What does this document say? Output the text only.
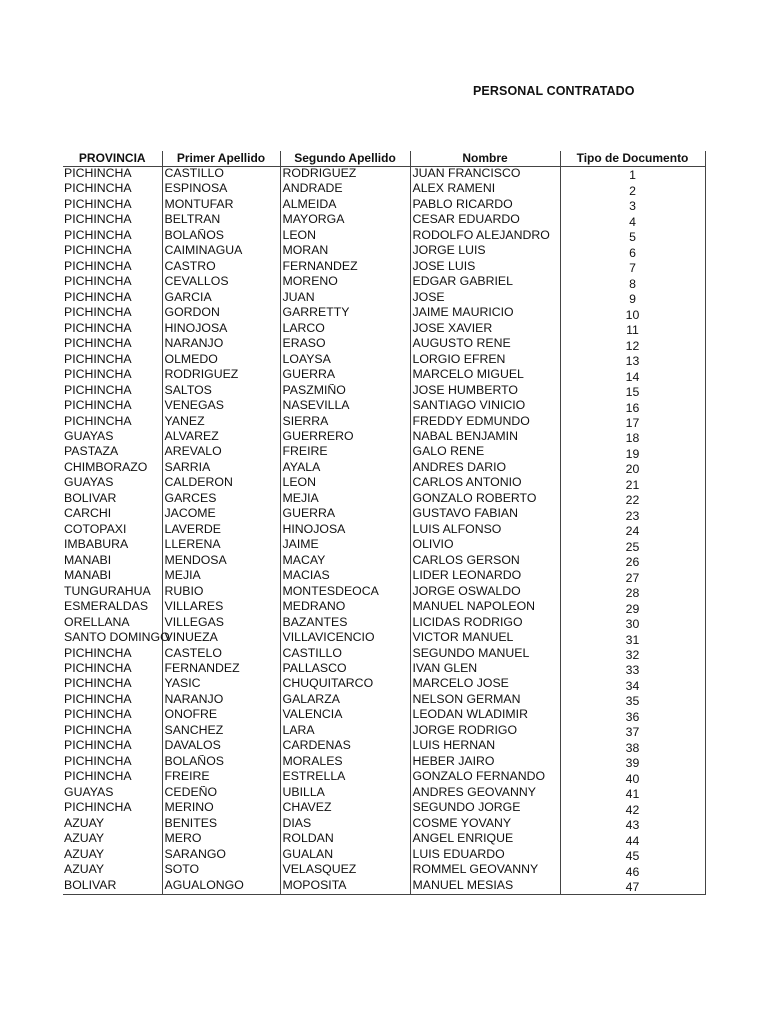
PERSONAL CONTRATADO
PROVINCIA	Primer Apellido	Segundo Apellido	Nombre	Tipo de Documento
PICHINCHA	CASTILLO	RODRIGUEZ	JUAN FRANCISCO	1
PICHINCHA	ESPINOSA	ANDRADE	ALEX RAMENI	2
PICHINCHA	MONTUFAR	ALMEIDA	PABLO RICARDO	3
PICHINCHA	BELTRAN	MAYORGA	CESAR EDUARDO	4
PICHINCHA	BOLAÑOS	LEON	RODOLFO ALEJANDRO	5
PICHINCHA	CAIMINAGUA	MORAN	JORGE LUIS	6
PICHINCHA	CASTRO	FERNANDEZ	JOSE LUIS	7
PICHINCHA	CEVALLOS	MORENO	EDGAR GABRIEL	8
PICHINCHA	GARCIA	JUAN	JOSE	9
PICHINCHA	GORDON	GARRETTY	JAIME MAURICIO	10
PICHINCHA	HINOJOSA	LARCO	JOSE XAVIER	11
PICHINCHA	NARANJO	ERASO	AUGUSTO RENE	12
PICHINCHA	OLMEDO	LOAYSA	LORGIO EFREN	13
PICHINCHA	RODRIGUEZ	GUERRA	MARCELO MIGUEL	14
PICHINCHA	SALTOS	PASZMIÑO	JOSE HUMBERTO	15
PICHINCHA	VENEGAS	NASEVILLA	SANTIAGO VINICIO	16
PICHINCHA	YANEZ	SIERRA	FREDDY EDMUNDO	17
GUAYAS	ALVAREZ	GUERRERO	NABAL BENJAMIN	18
PASTAZA	AREVALO	FREIRE	GALO RENE	19
CHIMBORAZO	SARRIA	AYALA	ANDRES DARIO	20
GUAYAS	CALDERON	LEON	CARLOS ANTONIO	21
BOLIVAR	GARCES	MEJIA	GONZALO ROBERTO	22
CARCHI	JACOME	GUERRA	GUSTAVO FABIAN	23
COTOPAXI	LAVERDE	HINOJOSA	LUIS ALFONSO	24
IMBABURA	LLERENA	JAIME	OLIVIO	25
MANABI	MENDOSA	MACAY	CARLOS GERSON	26
MANABI	MEJIA	MACIAS	LIDER LEONARDO	27
TUNGURAHUA	RUBIO	MONTESDEOCA	JORGE OSWALDO	28
ESMERALDAS	VILLARES	MEDRANO	MANUEL NAPOLEON	29
ORELLANA	VILLEGAS	BAZANTES	LICIDAS RODRIGO	30
SANTO DOMINGO	VINUEZA	VILLAVICENCIO	VICTOR MANUEL	31
PICHINCHA	CASTELO	CASTILLO	SEGUNDO MANUEL	32
PICHINCHA	FERNANDEZ	PALLASCO	IVAN GLEN	33
PICHINCHA	YASIC	CHUQUITARCO	MARCELO JOSE	34
PICHINCHA	NARANJO	GALARZA	NELSON GERMAN	35
PICHINCHA	ONOFRE	VALENCIA	LEODAN WLADIMIR	36
PICHINCHA	SANCHEZ	LARA	JORGE RODRIGO	37
PICHINCHA	DAVALOS	CARDENAS	LUIS HERNAN	38
PICHINCHA	BOLAÑOS	MORALES	HEBER JAIRO	39
PICHINCHA	FREIRE	ESTRELLA	GONZALO FERNANDO	40
GUAYAS	CEDEÑO	UBILLA	ANDRES GEOVANNY	41
PICHINCHA	MERINO	CHAVEZ	SEGUNDO JORGE	42
AZUAY	BENITES	DIAS	COSME YOVANY	43
AZUAY	MERO	ROLDAN	ANGEL ENRIQUE	44
AZUAY	SARANGO	GUALAN	LUIS EDUARDO	45
AZUAY	SOTO	VELASQUEZ	ROMMEL GEOVANNY	46
BOLIVAR	AGUALONGO	MOPOSITA	MANUEL MESIAS	47
